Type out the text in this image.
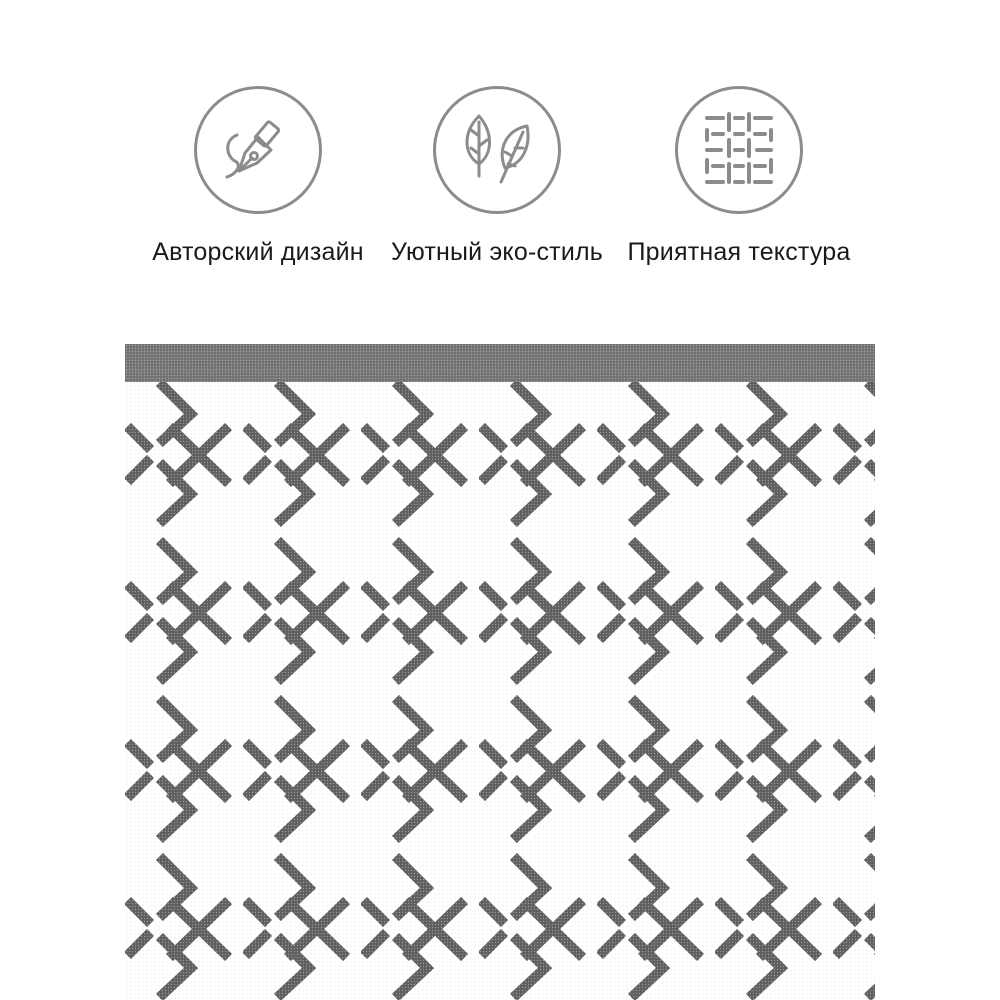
Авторский дизайн	Уютный эко-стиль Приятная текстура
